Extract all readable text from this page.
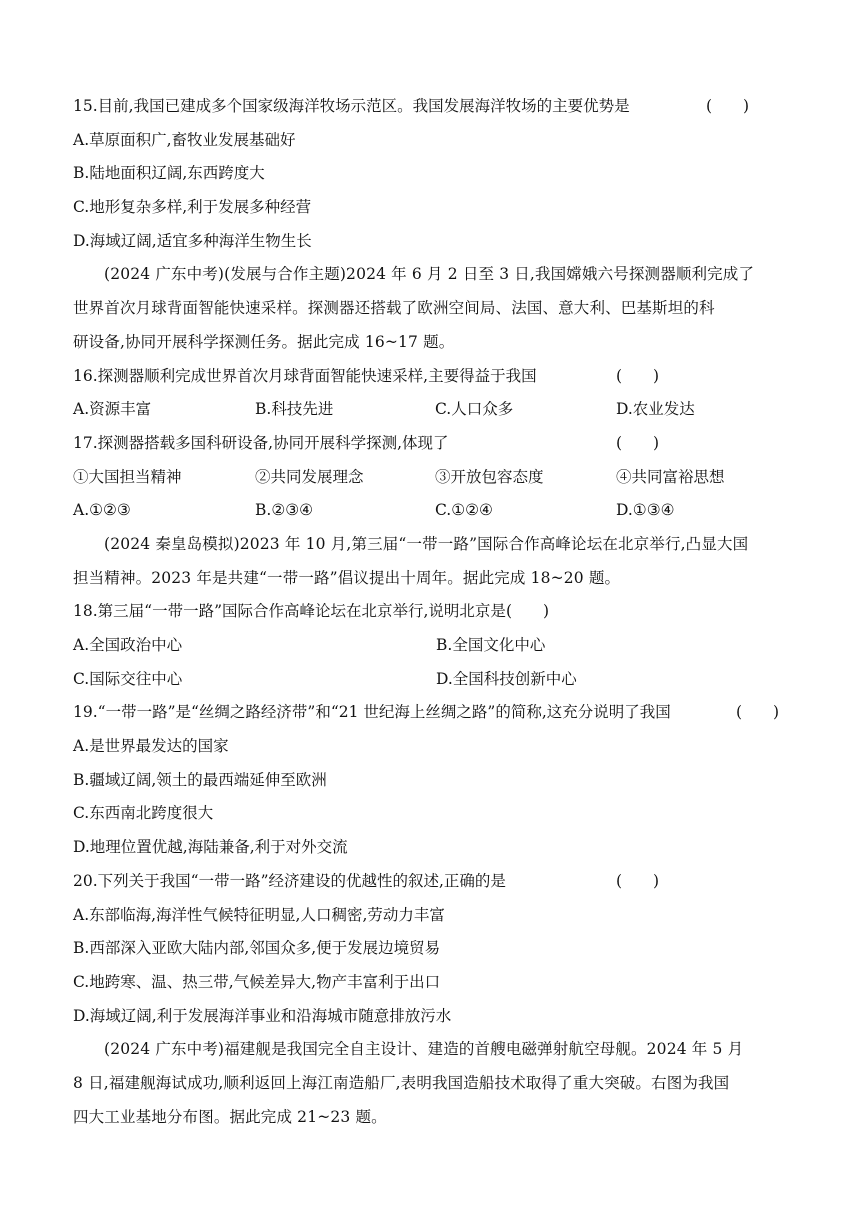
15.目前,我国已建成多个国家级海洋牧场示范区。我国发展海洋牧场的主要优势是	(　　)
A.草原面积广,畜牧业发展基础好
B.陆地面积辽阔,东西跨度大
C.地形复杂多样,利于发展多种经营
D.海域辽阔,适宜多种海洋生物生长
(2024 广东中考)(发展与合作主题)2024 年 6 月 2 日至 3 日,我国嫦娥六号探测器顺利完成了
世界首次月球背面智能快速采样。探测器还搭载了欧洲空间局、法国、意大利、巴基斯坦的科
研设备,协同开展科学探测任务。据此完成 16~17 题。
16.探测器顺利完成世界首次月球背面智能快速采样,主要得益于我国	(　　)
A.资源丰富	B.科技先进	C.人口众多	D.农业发达
17.探测器搭载多国科研设备,协同开展科学探测,体现了	(　　)
①大国担当精神	②共同发展理念	③开放包容态度	④共同富裕思想
A.①②③	B.②③④	C.①②④	D.①③④
(2024 秦皇岛模拟)2023 年 10 月,第三届“一带一路”国际合作高峰论坛在北京举行,凸显大国
担当精神。2023 年是共建“一带一路”倡议提出十周年。据此完成 18~20 题。
18.第三届“一带一路”国际合作高峰论坛在北京举行,说明北京是(　　)
A.全国政治中心	B.全国文化中心
C.国际交往中心	D.全国科技创新中心
19.“一带一路”是“丝绸之路经济带”和“21 世纪海上丝绸之路”的简称,这充分说明了我国	(　　)
A.是世界最发达的国家
B.疆域辽阔,领土的最西端延伸至欧洲
C.东西南北跨度很大
D.地理位置优越,海陆兼备,利于对外交流
20.下列关于我国“一带一路”经济建设的优越性的叙述,正确的是	(　　)
A.东部临海,海洋性气候特征明显,人口稠密,劳动力丰富
B.西部深入亚欧大陆内部,邻国众多,便于发展边境贸易
C.地跨寒、温、热三带,气候差异大,物产丰富利于出口
D.海域辽阔,利于发展海洋事业和沿海城市随意排放污水
(2024 广东中考)福建舰是我国完全自主设计、建造的首艘电磁弹射航空母舰。2024 年 5 月
8 日,福建舰海试成功,顺利返回上海江南造船厂,表明我国造船技术取得了重大突破。右图为我国
四大工业基地分布图。据此完成 21~23 题。
